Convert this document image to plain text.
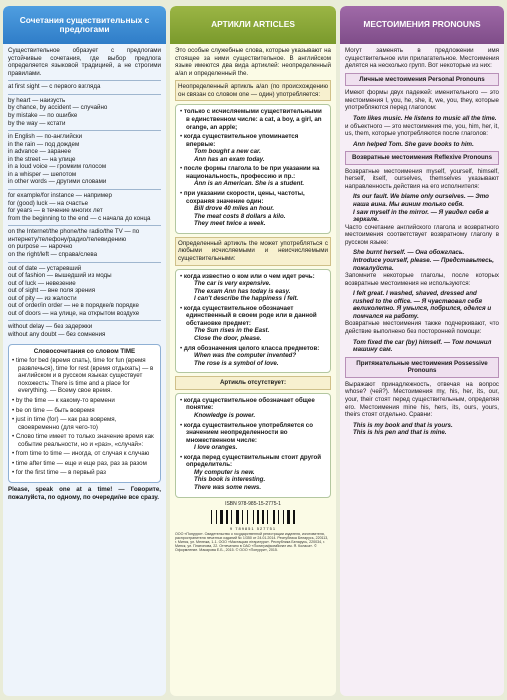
Сочетания существительных с предлогами

Существительное образует с предлогами устойчивые сочетания, где выбор предлога определяется языковой традицией, а не строгими правилами.

at first sight — с первого взгляда
by heart — наизусть
by chance, by accident — случайно
by mistake — по ошибке
by the way — кстати
in English — по-английски
in the rain — под дождем
in advance — заранее
in the street — на улице
in a loud voice — громким голосом
in a whisper — шепотом
in other words — другими словами
for example/for instance — например
for (good) luck — на счастье
for years — в течение многих лет
from the beginning to the end — с начала до конца
on the Internet/the phone/the radio/the TV — по интернету/телефону/радио/телевидению
on purpose — нарочно
on the right/left — справа/слева
out of date — устаревший
out of fashion — вышедший из моды
out of luck — невезение
out of sight — вне поля зрения
out of pity — из жалости
out of order/in order — не в порядке/в порядке
out of doors — на улице, на открытом воздухе
without delay — без задержки
without any doubt — без сомнения
Словосочетания со словом TIME
• time for bed (время спать), time for fun (время развлечься), time for rest (время отдыхать) — в английском и в русском языках существует похожесть: There is time and a place for everything. — Всему свое время.
• by the time — к какому-то времени
• be on time — быть вовремя
• just in time (for) — как раз вовремя, своевременно (для чего-то)
• Слово time имеет то только значение время как событие реальности, но и «раз», «случай»:
• from time to time — иногда, от случая к случаю
• time after time — еще и еще раз, раз за разом
• for the first time — в первый раз

Please, speak one at a time! — Говорите, пожалуйста, по одному, по очереди/не все сразу.

АРТИКЛИ ARTICLES

Это особые служебные слова, которые указывают на стоящее за ними существительное. В английском языке имеются два вида артиклей: неопределенный a/an и определенный the.

Неопределенный артикль a/an (по происхождению он связан со словом one — один) употребляется:
• только с исчисляемыми существительными в единственном числе: a cat, a boy, a girl, an orange, an apple;
• когда существительное упоминается впервые:
Tom bought a new car.
Ann has an exam today.
• после формы глагола to be при указании на национальность, профессию и пр.:
Ann is an American. She is a student.
• при указании скорости, цены, частоты, сохраняя значение один:
Bill drove 40 miles an hour.
The meat costs 8 dollars a kilo.
They meet twice a week.
Определенный артикль the может употребляться с любыми исчисляемыми и неисчисляемыми существительными:
• когда известно о ком или о чем идет речь:
The car is very expensive.
The exam Ann has today is easy.
I can't describe the happiness I felt.
• когда существительное обозначает единственный в своем роде или в данной обстановке предмет:
The Sun rises in the East.
Close the door, please.
• для обозначения целого класса предметов:
When was the computer invented?
The rose is a symbol of love.
Артикль отсутствует:
• когда существительное обозначает общее понятие:
Knowledge is power.
• когда существительное употребляется со значением неопределенности во множественном числе:
I love oranges.
• когда перед существительным стоит другой определитель:
My computer is new.
This book is interesting.
There was some news.
ISBN 978-985-15-2775-1
9 789851 527751
ООО «Попурри». Свидетельство о государственной регистрации издателя, изготовителя, распространителя печатных изданий № 1/350 от 24.01.2014. Республика Беларусь, 220113, г. Минск, ул. Мележа, 1-1. ООО «Мастацкая літаратура». Республика Беларусь, 220034, г. Минск, ул. Платонова, 22. Отпечатано в ОАО «Полиграфкомбинат им. Я. Коласа». © Оформление. Макарова Е.Б., 2015. © ООО «Попурри», 2015.
МЕСТОИМЕНИЯ PRONOUNS

Могут заменять в предложении имя существительное или прилагательное. Местоимения делятся на несколько групп. Вот некоторые из них:

Личные местоимения Personal Pronouns

Имеют формы двух падежей: именительного — это местоимения I, you, he, she, it, we, you, they, которые употребляются перед глаголом:

Tom likes music. He listens to music all the time.

и объектного — это местоимения me, you, him, her, it, us, them, которые употребляются после глаголов:

Ann helped Tom. She gave books to him.
Возвратные местоимения Reflexive Pronouns

Возвратные местоимения myself, yourself, himself, herself, itself, ourselves, themselves указывают направленность действия на его исполнителя:

Its our fault. We blame only ourselves. — Это наша вина. Мы виним только себя.
I saw myself in the mirror. — Я увидел себя в зеркале.

Часто сочетание английского глагола и возвратного местоимения соответствует возвратному глаголу в русском языке:

She burnt herself. — Она обожглась.
Introduce yourself, please. — Представьтесь, пожалуйста.

Запомните некоторые глаголы, после которых возвратные местоимения не используются:

I felt great. I washed, shaved, dressed and rushed to the office. — Я чувствовал себя великолепно. Я умылся, побрился, оделся и помчался на работу.

Возвратные местоимения также подчеркивают, что действие выполнено без посторонней помощи:

Tom fixed the car (by) himself. — Том починил машину сам.
Притяжательные местоимения Possessive Pronouns

Выражают принадлежность, отвечая на вопрос whose? (чей?). Местоимения my, his, her, its, our, your, their стоят перед существительным, определяя его. Местоимения mine his, hers, its, ours, yours, theirs стоят отдельно. Сравни:

This is my book and that is yours.
This is his pen and that is mine.
